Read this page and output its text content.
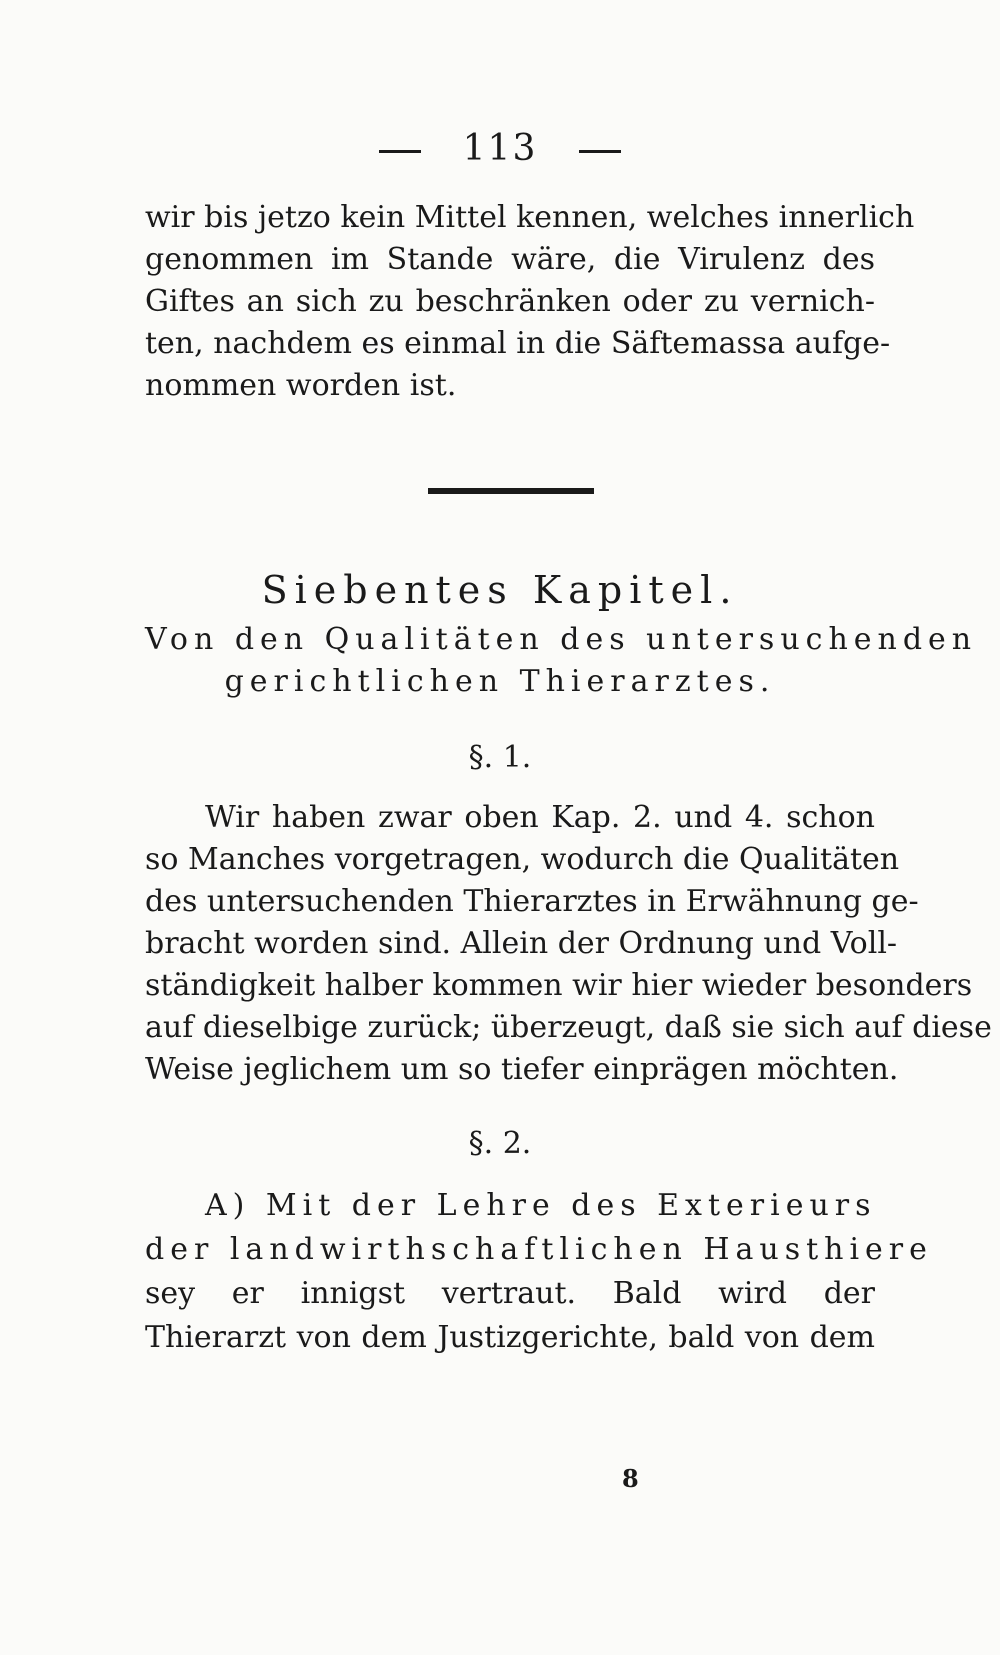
113
wir bis jetzo kein Mittel kennen, welches innerlich
genommen im Stande wäre, die Virulenz des
Giftes an sich zu beschränken oder zu vernich-
ten, nachdem es einmal in die Säftemassa aufge-
nommen worden ist.
Siebentes Kapitel.
Von den Qualitäten des untersuchenden
gerichtlichen Thierarztes.
§. 1.
Wir haben zwar oben Kap. 2. und 4. schon
so Manches vorgetragen, wodurch die Qualitäten
des untersuchenden Thierarztes in Erwähnung ge-
bracht worden sind. Allein der Ordnung und Voll-
ständigkeit halber kommen wir hier wieder besonders
auf dieselbige zurück; überzeugt, daß sie sich auf diese
Weise jeglichem um so tiefer einprägen möchten.
§. 2.
A) Mit der Lehre des Exterieurs
der landwirthschaftlichen Hausthiere
sey er innigst vertraut. Bald wird der
Thierarzt von dem Justizgerichte, bald von dem
8
